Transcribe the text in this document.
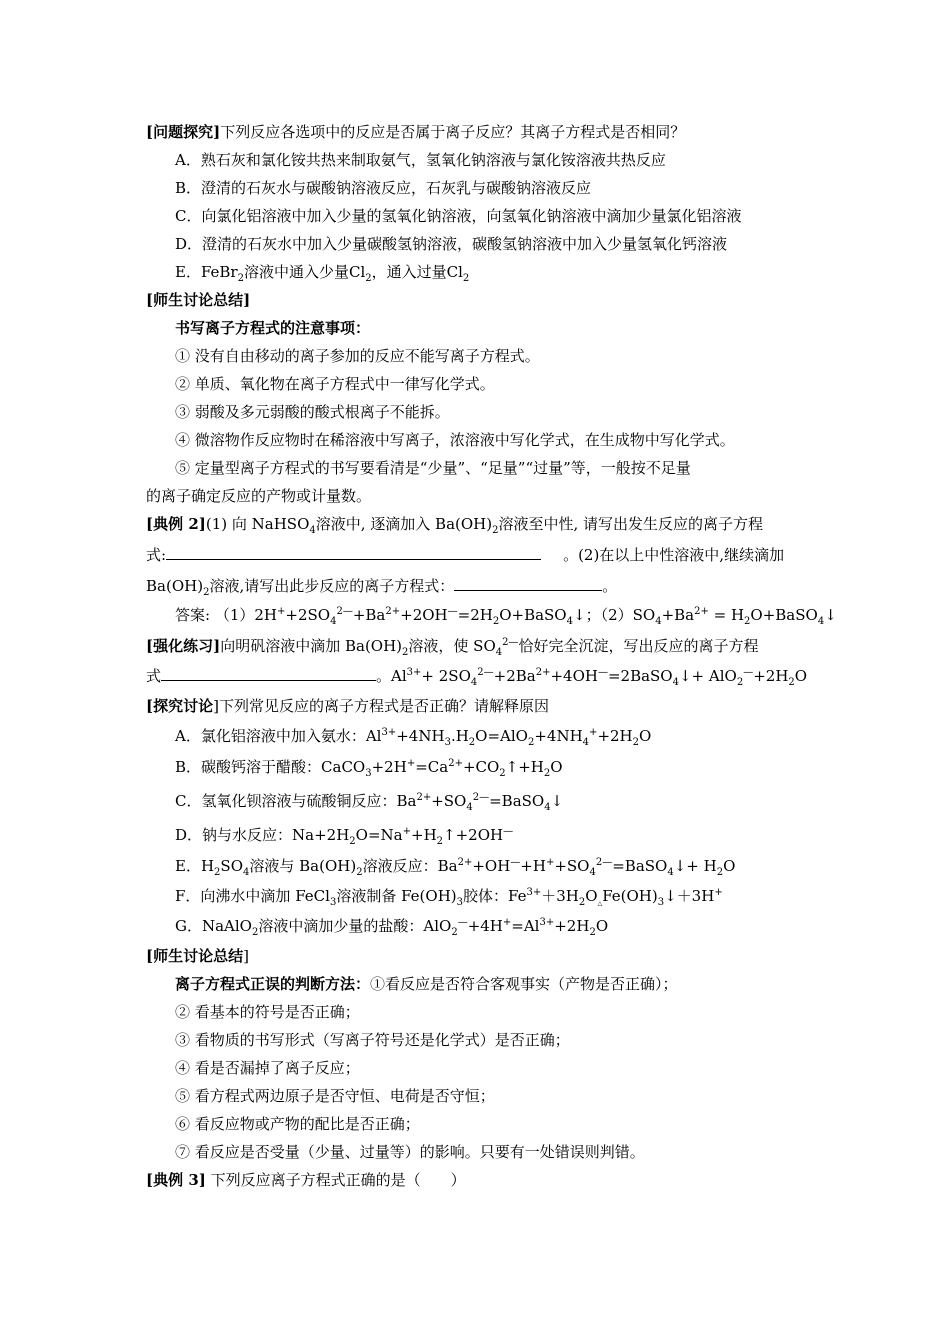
[问题探究]下列反应各选项中的反应是否属于离子反应？其离子方程式是否相同？
A．熟石灰和氯化铵共热来制取氨气，氢氧化钠溶液与氯化铵溶液共热反应
B．澄清的石灰水与碳酸钠溶液反应，石灰乳与碳酸钠溶液反应
C．向氯化铝溶液中加入少量的氢氧化钠溶液，向氢氧化钠溶液中滴加少量氯化铝溶液
D．澄清的石灰水中加入少量碳酸氢钠溶液，碳酸氢钠溶液中加入少量氢氧化钙溶液
E．FeBr$_2$溶液中通入少量$Cl_2$，通入过量$Cl_2$
[师生讨论总结]
书写离子方程式的注意事项：
① 没有自由移动的离子参加的反应不能写离子方程式。
② 单质、氧化物在离子方程式中一律写化学式。
③ 弱酸及多元弱酸的酸式根离子不能拆。
④ 微溶物作反应物时在稀溶液中写离子，浓溶液中写化学式，在生成物中写化学式。
⑤ 定量型离子方程式的书写要看清是“少量”、“足量”“过量”等，一般按不足量
的离子确定反应的产物或计量数。
[典例 2](1) 向 NaHSO$_4$溶液中, 逐滴加入 $Ba(OH)_2$溶液至中性, 请写出发生反应的离子方程
式:	。(2)在以上中性溶液中,继续滴加
$Ba(OH)_2$溶液,请写出此步反应的离子方程式：	。
答案: $(1)2H^++2SO_4^{2—}+Ba^{2+}+2OH^—=2H_2O+BaSO_4↓$；$(2)SO_4+Ba^{2+}$ = $H_2O+BaSO_4↓$
[强化练习]向明矾溶液中滴加 $Ba(OH)_2$溶液，使 $SO_4^{2—}$恰好完全沉淀，写出反应的离子方程
式	。$Al^{3+}+$ $2SO_4^{2—}+2Ba^{2+}+4OH^—=2BaSO_4↓+ AlO_2^—+2H_2O$
[探究讨论]下列常见反应的离子方程式是否正确？请解释原因
A．氯化铝溶液中加入氨水：$Al^{3+}+4NH_3.H_2O=AlO_2+4NH_4^++2H_2O$
B．碳酸钙溶于醋酸：$CaCO_3+2H^+=Ca^{2+}+CO_2↑+H_2O$
C．氢氧化钡溶液与硫酸铜反应：$Ba^{2+}+SO_4^{2—}=BaSO_4↓$
D．钠与水反应：$Na+2H_2O=Na^++H_2↑+2OH^—$
E．$H_2SO_4$溶液与 $Ba(OH)_2$溶液反应：$Ba^{2+}+OH^—+H^++SO_4^{2—}=BaSO_4↓+ H_2O$
F．向沸水中滴加 FeCl$_3$溶液制备 $Fe(OH)_3$胶体：$Fe^{3+}+3H_2O_\triangle Fe(OH)_3↓+3H^+$
G．NaAlO$_2$溶液中滴加少量的盐酸：$AlO_2^—+4H^+=Al^{3+}+2H_2O$
[师生讨论总结]
离子方程式正误的判断方法：①看反应是否符合客观事实（产物是否正确）；
② 看基本的符号是否正确；
③ 看物质的书写形式（写离子符号还是化学式）是否正确；
④ 看是否漏掉了离子反应；
⑤ 看方程式两边原子是否守恒、电荷是否守恒；
⑥ 看反应物或产物的配比是否正确；
⑦ 看反应是否受量（少量、过量等）的影响。只要有一处错误则判错。
[典例 3] 下列反应离子方程式正确的是（　　）
